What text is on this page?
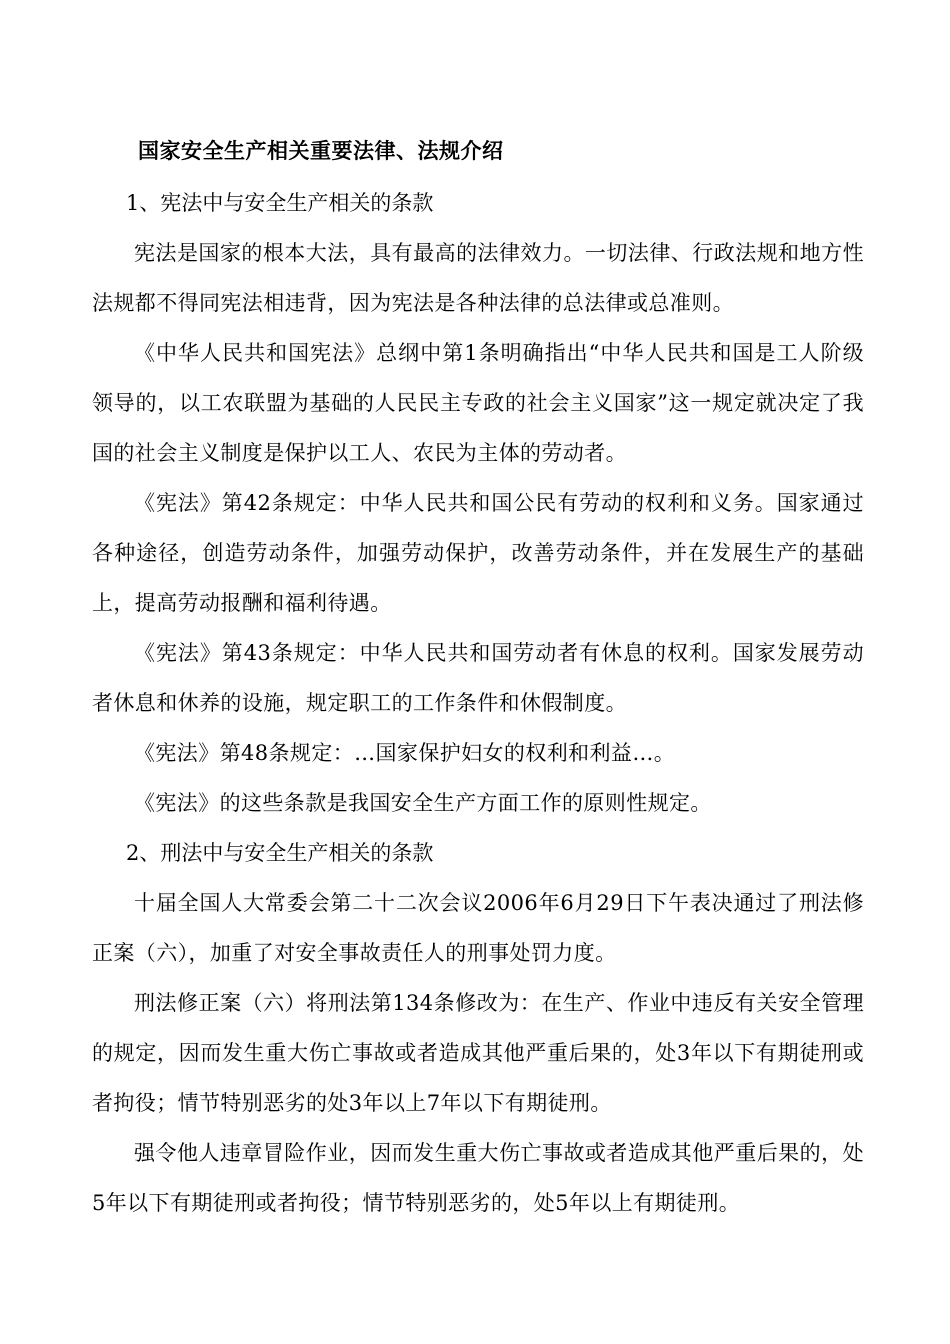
国家安全生产相关重要法律、法规介绍

1、宪法中与安全生产相关的条款

宪法是国家的根本大法，具有最高的法律效力。一切法律、行政法规和地方性法规都不得同宪法相违背，因为宪法是各种法律的总法律或总准则。

《中华人民共和国宪法》总纲中第1条明确指出“中华人民共和国是工人阶级领导的，以工农联盟为基础的人民民主专政的社会主义国家”这一规定就决定了我国的社会主义制度是保护以工人、农民为主体的劳动者。

《宪法》第42条规定：中华人民共和国公民有劳动的权利和义务。国家通过各种途径，创造劳动条件，加强劳动保护，改善劳动条件，并在发展生产的基础上，提高劳动报酬和福利待遇。

《宪法》第43条规定：中华人民共和国劳动者有休息的权利。国家发展劳动者休息和休养的设施，规定职工的工作条件和休假制度。

《宪法》第48条规定：…国家保护妇女的权利和利益…。

《宪法》的这些条款是我国安全生产方面工作的原则性规定。

2、刑法中与安全生产相关的条款

十届全国人大常委会第二十二次会议2006年6月29日下午表决通过了刑法修正案（六），加重了对安全事故责任人的刑事处罚力度。

刑法修正案（六）将刑法第134条修改为：在生产、作业中违反有关安全管理的规定，因而发生重大伤亡事故或者造成其他严重后果的，处3年以下有期徒刑或者拘役；情节特别恶劣的处3年以上7年以下有期徒刑。

强令他人违章冒险作业，因而发生重大伤亡事故或者造成其他严重后果的，处5年以下有期徒刑或者拘役；情节特别恶劣的，处5年以上有期徒刑。
